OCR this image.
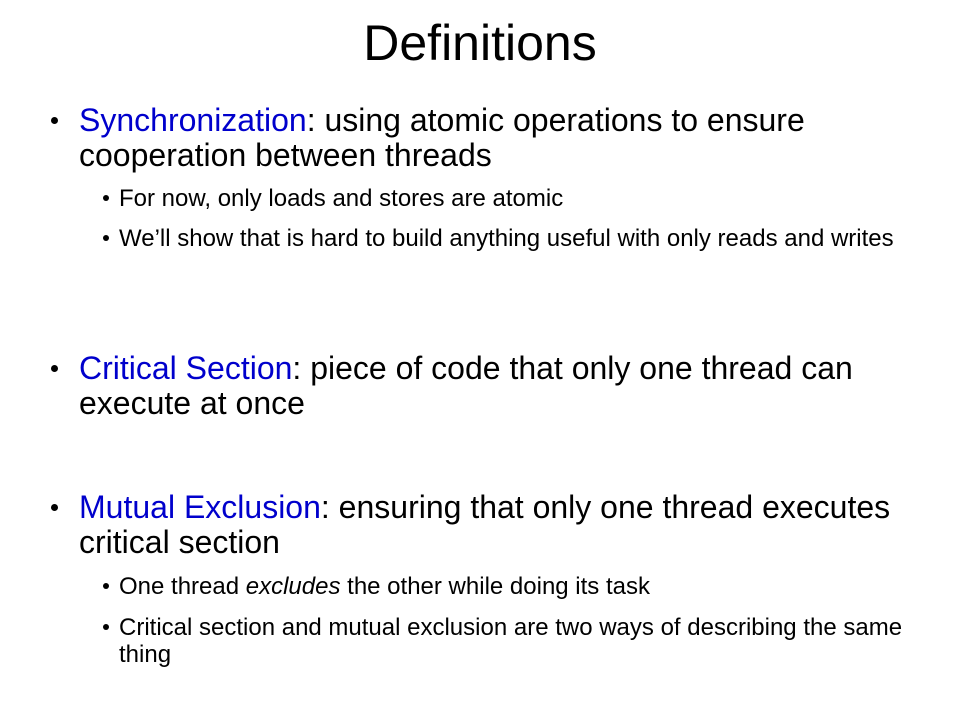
Definitions
Synchronization: using atomic operations to ensure cooperation between threads
For now, only loads and stores are atomic
We’ll show that is hard to build anything useful with only reads and writes
Critical Section: piece of code that only one thread can execute at once
Mutual Exclusion: ensuring that only one thread executes critical section
One thread excludes the other while doing its task
Critical section and mutual exclusion are two ways of describing the same thing
